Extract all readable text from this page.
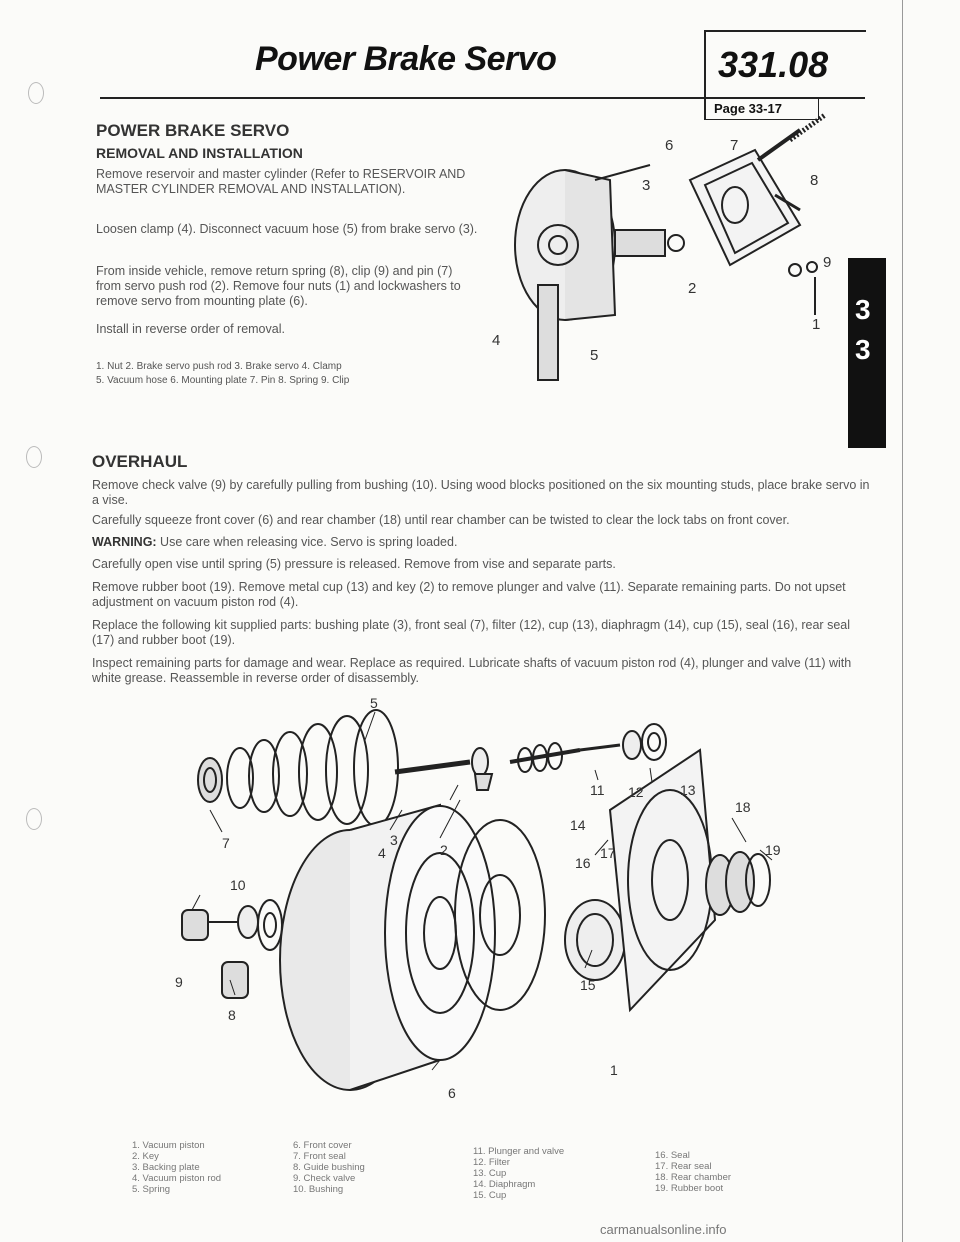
Power Brake Servo	331.08
Page 33-17
3
3
POWER BRAKE SERVO
REMOVAL AND INSTALLATION
Remove reservoir and master cylinder (Refer to RESERVOIR AND MASTER CYLINDER REMOVAL AND INSTALLATION).
Loosen clamp (4). Disconnect vacuum hose (5) from brake servo (3).
From inside vehicle, remove return spring (8), clip (9) and pin (7) from servo push rod (2). Remove four nuts (1) and lockwashers to remove servo from mounting plate (6).
Install in reverse order of removal.
1. Nut 2. Brake servo push rod 3. Brake servo 4. Clamp
5. Vacuum hose 6. Mounting plate 7. Pin 8. Spring 9. Clip
6	7
3	8
9
2
4
5
1
OVERHAUL
Remove check valve (9) by carefully pulling from bushing (10). Using wood blocks positioned on the six mounting studs, place brake servo in a vise.
Carefully squeeze front cover (6) and rear chamber (18) until rear chamber can be twisted to clear the lock tabs on front cover.
WARNING: Use care when releasing vice. Servo is spring loaded.
Carefully open vise until spring (5) pressure is released. Remove from vise and separate parts.
Remove rubber boot (19). Remove metal cup (13) and key (2) to remove plunger and valve (11). Separate remaining parts. Do not upset adjustment on vacuum piston rod (4).
Replace the following kit supplied parts: bushing plate (3), front seal (7), filter (12), cup (13), diaphragm (14), cup (15), seal (16), rear seal (17) and rubber boot (19).
Inspect remaining parts for damage and wear. Replace as required. Lubricate shafts of vacuum piston rod (4), plunger and valve (11) with white grease. Reassemble in reverse order of disassembly.
5
7	3
4	2
11 12	13
18
14
19
10
16
17
9
8
15
6
1
1. Vacuum piston
2. Key
3. Backing plate
4. Vacuum piston rod
5. Spring
6. Front cover
7. Front seal
8. Guide bushing
9. Check valve
10. Bushing
11. Plunger and valve
12. Filter
13. Cup
14. Diaphragm
15. Cup
16. Seal
17. Rear seal
18. Rear chamber
19. Rubber boot
carmanualsonline.info
